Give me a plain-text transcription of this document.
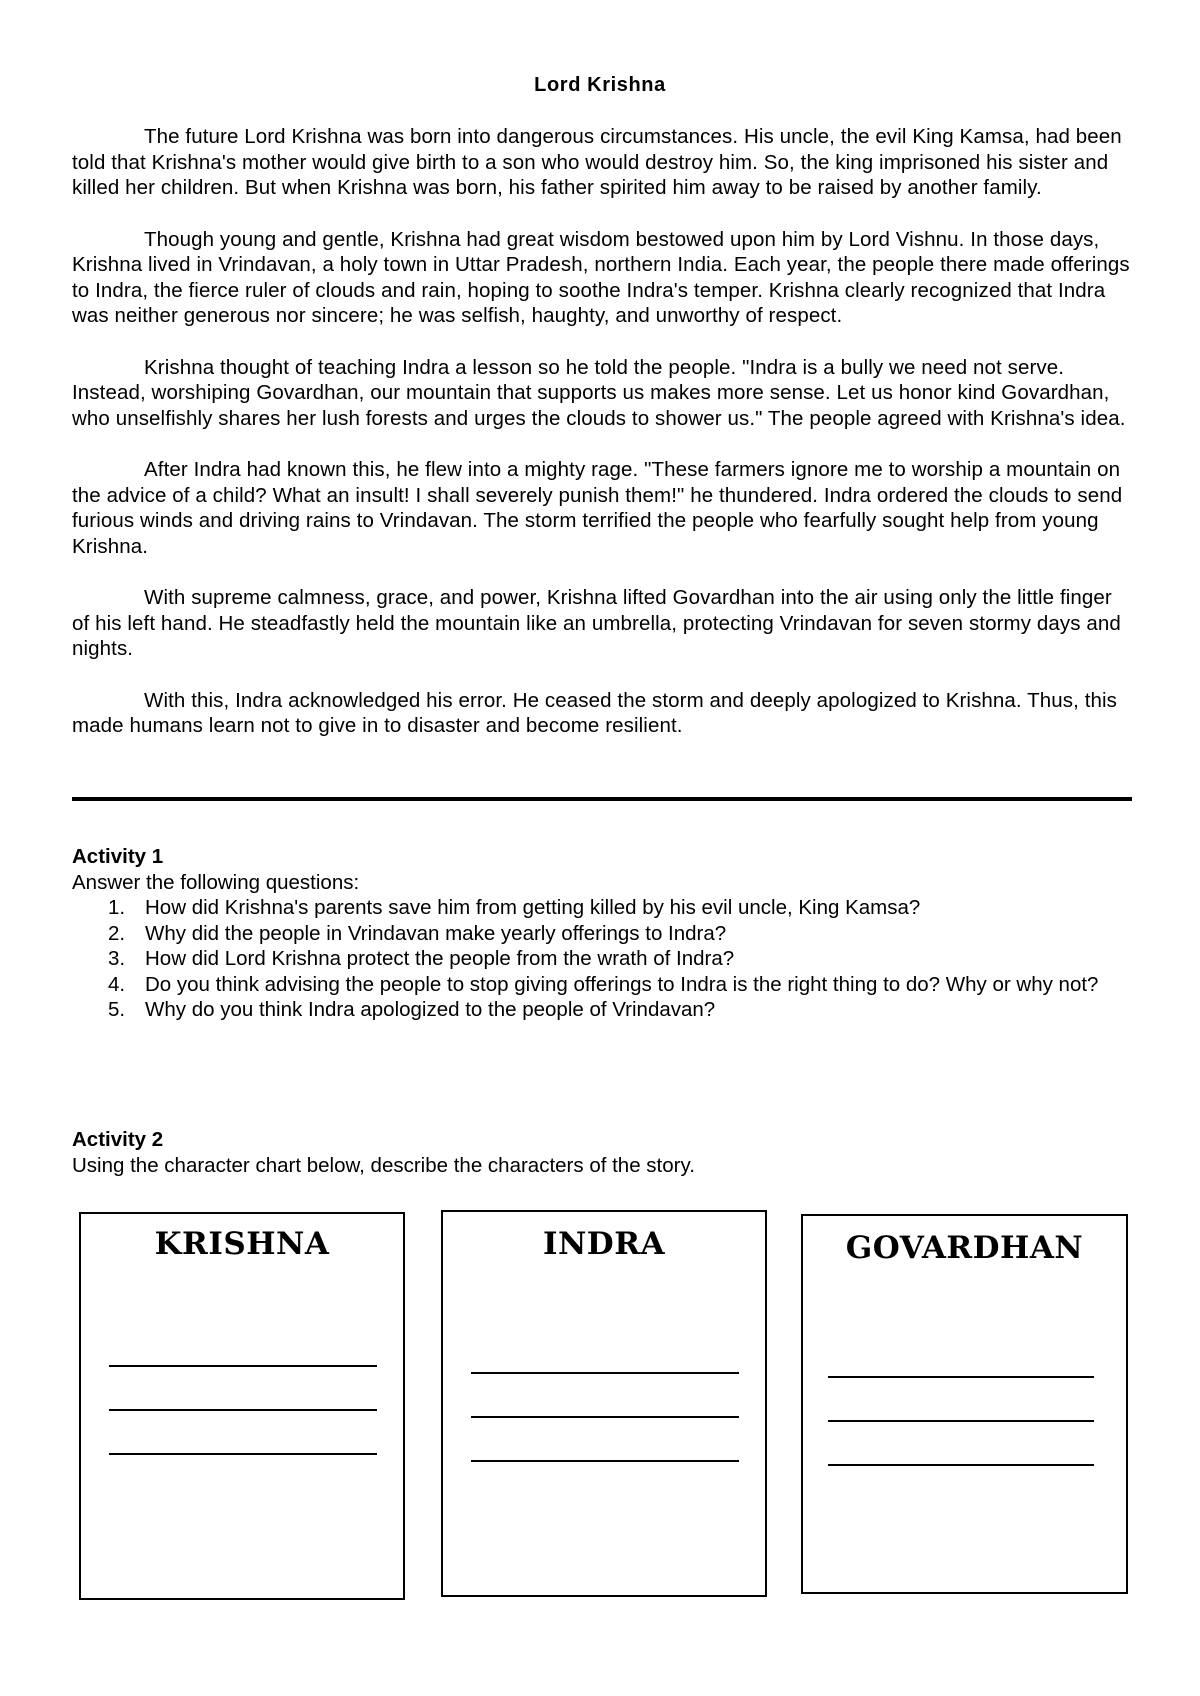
Lord Krishna

The future Lord Krishna was born into dangerous circumstances. His uncle, the evil King Kamsa, had been told that Krishna's mother would give birth to a son who would destroy him. So, the king imprisoned his sister and killed her children. But when Krishna was born, his father spirited him away to be raised by another family.

Though young and gentle, Krishna had great wisdom bestowed upon him by Lord Vishnu. In those days, Krishna lived in Vrindavan, a holy town in Uttar Pradesh, northern India. Each year, the people there made offerings to Indra, the fierce ruler of clouds and rain, hoping to soothe Indra's temper. Krishna clearly recognized that Indra was neither generous nor sincere; he was selfish, haughty, and unworthy of respect.

Krishna thought of teaching Indra a lesson so he told the people. "Indra is a bully we need not serve. Instead, worshiping Govardhan, our mountain that supports us makes more sense. Let us honor kind Govardhan, who unselfishly shares her lush forests and urges the clouds to shower us." The people agreed with Krishna's idea.

After Indra had known this, he flew into a mighty rage. "These farmers ignore me to worship a mountain on the advice of a child? What an insult! I shall severely punish them!" he thundered. Indra ordered the clouds to send furious winds and driving rains to Vrindavan. The storm terrified the people who fearfully sought help from young Krishna.

With supreme calmness, grace, and power, Krishna lifted Govardhan into the air using only the little finger of his left hand. He steadfastly held the mountain like an umbrella, protecting Vrindavan for seven stormy days and nights.

With this, Indra acknowledged his error. He ceased the storm and deeply apologized to Krishna. Thus, this made humans learn not to give in to disaster and become resilient.

Activity 1

Answer the following questions:

1. How did Krishna's parents save him from getting killed by his evil uncle, King Kamsa?
2. Why did the people in Vrindavan make yearly offerings to Indra?
3. How did Lord Krishna protect the people from the wrath of Indra?
4. Do you think advising the people to stop giving offerings to Indra is the right thing to do? Why or why not?
5. Why do you think Indra apologized to the people of Vrindavan?

Activity 2

Using the character chart below, describe the characters of the story.

KRISHNA	INDRA	GOVARDHAN
